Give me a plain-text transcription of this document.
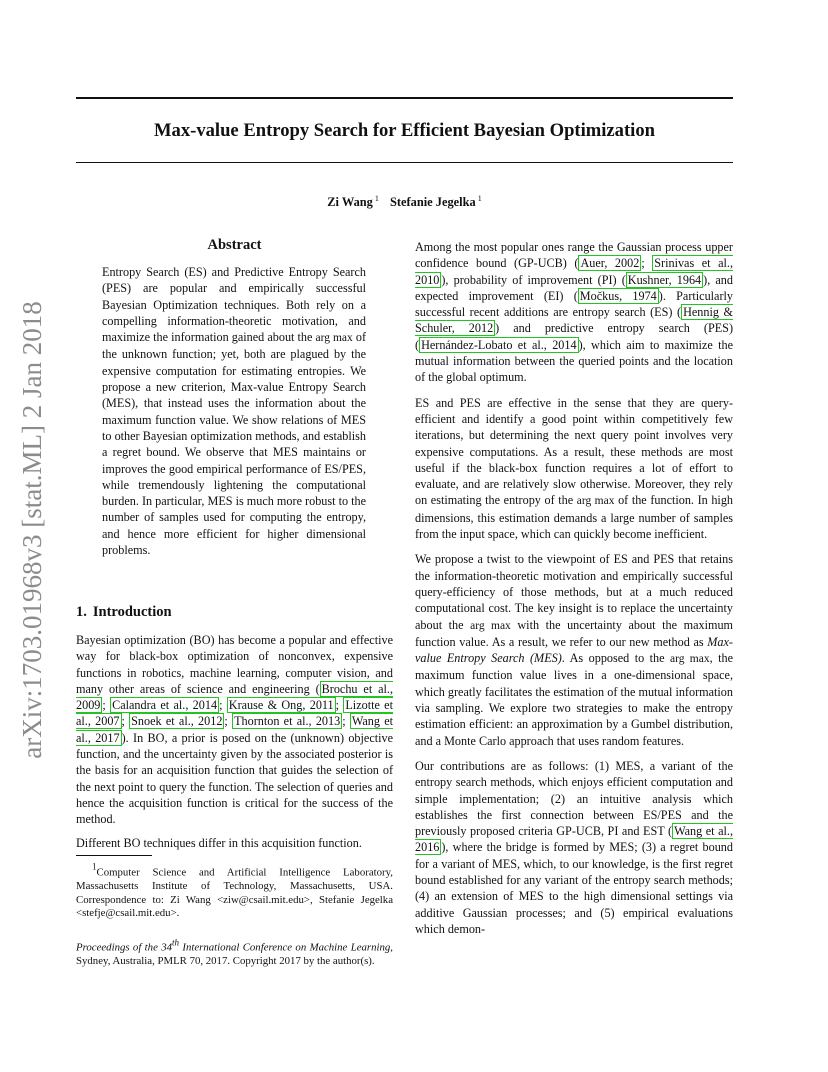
Max-value Entropy Search for Efficient Bayesian Optimization
Zi Wang $^1$ Stefanie Jegelka $^1$
arXiv:1703.01968v3 [stat.ML] 2 Jan 2018
Abstract

Entropy Search (ES) and Predictive Entropy Search (PES) are popular and empirically successful Bayesian Optimization techniques. Both rely on a compelling information-theoretic motivation, and maximize the information gained about the arg max of the unknown function; yet, both are plagued by the expensive computation for estimating entropies. We propose a new criterion, Max-value Entropy Search (MES), that instead uses the information about the maximum function value. We show relations of MES to other Bayesian optimization methods, and establish a regret bound. We observe that MES maintains or improves the good empirical performance of ES/PES, while tremendously lightening the computational burden. In particular, MES is much more robust to the number of samples used for computing the entropy, and hence more efficient for higher dimensional problems.

1. Introduction

Bayesian optimization (BO) has become a popular and effective way for black-box optimization of nonconvex, expensive functions in robotics, machine learning, computer vision, and many other areas of science and engineering ( Brochu et al., 2009 ; Calandra et al., 2014 ; Krause & Ong, 2011 ; Lizotte et al., 2007 ; Snoek et al., 2012 ; Thornton et al., 2013 ; Wang et al., 2017 ). In BO, a prior is posed on the (unknown) objective function, and the uncertainty given by the associated posterior is the basis for an acquisition function that guides the selection of the next point to query the function. The selection of queries and hence the acquisition function is critical for the success of the method.

Different BO techniques differ in this acquisition function.

$^1$Computer Science and Artificial Intelligence Laboratory, Massachusetts Institute of Technology, Massachusetts, USA. Correspondence to: Zi Wang <ziw@csail.mit.edu>, Stefanie Jegelka <stefje@csail.mit.edu>.

Proceedings of the 34th International Conference on Machine Learning, Sydney, Australia, PMLR 70, 2017. Copyright 2017 by the author(s).

Among the most popular ones range the Gaussian process upper confidence bound (GP-UCB) ( Auer, 2002 ; Srinivas et al., 2010 ), probability of improvement (PI) ( Kushner, 1964 ), and expected improvement (EI) ( Močkus, 1974 ). Particularly successful recent additions are entropy search (ES) ( Hennig & Schuler, 2012 ) and predictive entropy search (PES) ( Hernández-Lobato et al., 2014 ), which aim to maximize the mutual information between the queried points and the location of the global optimum.

ES and PES are effective in the sense that they are query-efficient and identify a good point within competitively few iterations, but determining the next query point involves very expensive computations. As a result, these methods are most useful if the black-box function requires a lot of effort to evaluate, and are relatively slow otherwise. Moreover, they rely on estimating the entropy of the arg max of the function. In high dimensions, this estimation demands a large number of samples from the input space, which can quickly become inefficient.

We propose a twist to the viewpoint of ES and PES that retains the information-theoretic motivation and empirically successful query-efficiency of those methods, but at a much reduced computational cost. The key insight is to replace the uncertainty about the arg max with the uncertainty about the maximum function value. As a result, we refer to our new method as Max-value Entropy Search (MES). As opposed to the arg max, the maximum function value lives in a one-dimensional space, which greatly facilitates the estimation of the mutual information via sampling. We explore two strategies to make the entropy estimation efficient: an approximation by a Gumbel distribution, and a Monte Carlo approach that uses random features.

Our contributions are as follows: (1) MES, a variant of the entropy search methods, which enjoys efficient computation and simple implementation; (2) an intuitive analysis which establishes the first connection between ES/PES and the previously proposed criteria GP-UCB, PI and EST ( Wang et al., 2016 ), where the bridge is formed by MES; (3) a regret bound for a variant of MES, which, to our knowledge, is the first regret bound established for any variant of the entropy search methods; (4) an extension of MES to the high dimensional settings via additive Gaussian processes; and (5) empirical evaluations which demon-
